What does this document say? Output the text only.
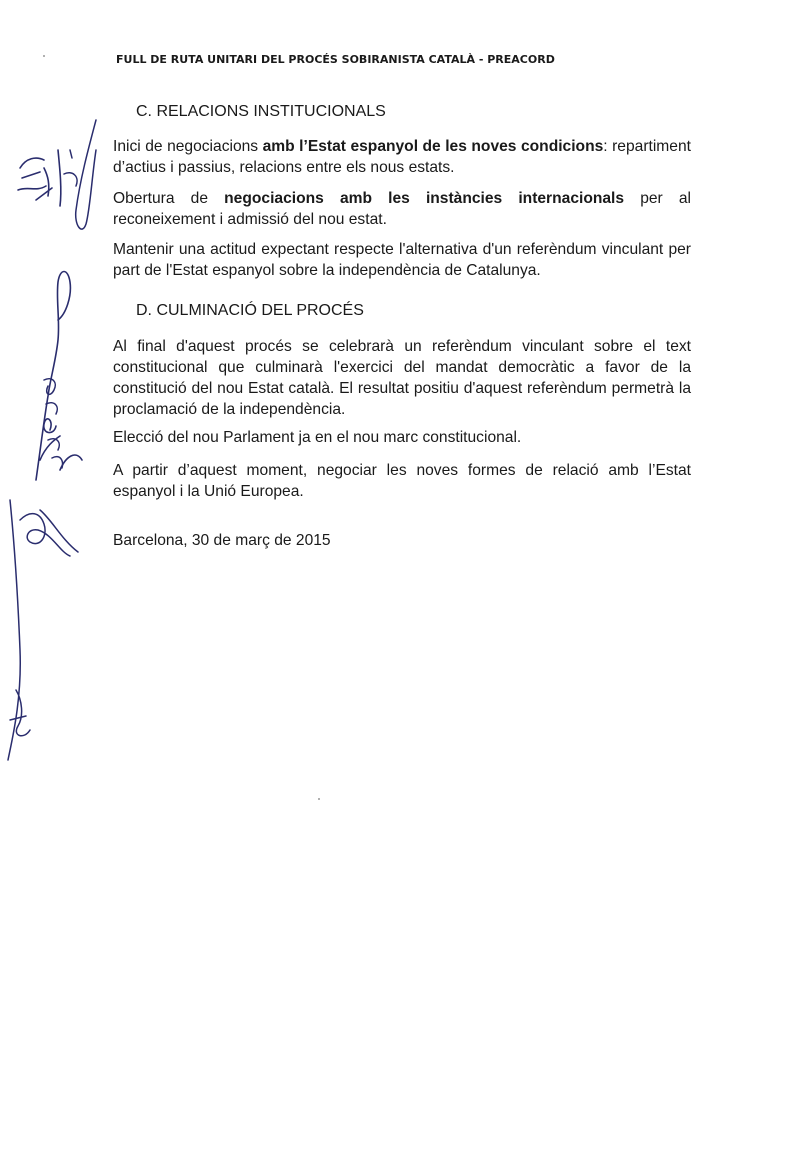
FULL DE RUTA UNITARI DEL PROCÉS SOBIRANISTA CATALÀ - PREACORD
C. RELACIONS INSTITUCIONALS
Inici de negociacions amb l’Estat espanyol de les noves condicions: repartiment d’actius i passius, relacions entre els nous estats.
Obertura de negociacions amb les instàncies internacionals per al reconeixement i admissió del nou estat.
Mantenir una actitud expectant respecte l'alternativa d'un referèndum vinculant per part de l'Estat espanyol sobre la independència de Catalunya.
D. CULMINACIÓ DEL PROCÉS
Al final d'aquest procés se celebrarà un referèndum vinculant sobre el text constitucional que culminarà l'exercici del mandat democràtic a favor de la constitució del nou Estat català. El resultat positiu d'aquest referèndum permetrà la proclamació de la independència.
Elecció del nou Parlament ja en el nou marc constitucional.
A partir d’aquest moment, negociar les noves formes de relació amb l’Estat espanyol i la Unió Europea.
Barcelona, 30 de març de 2015
